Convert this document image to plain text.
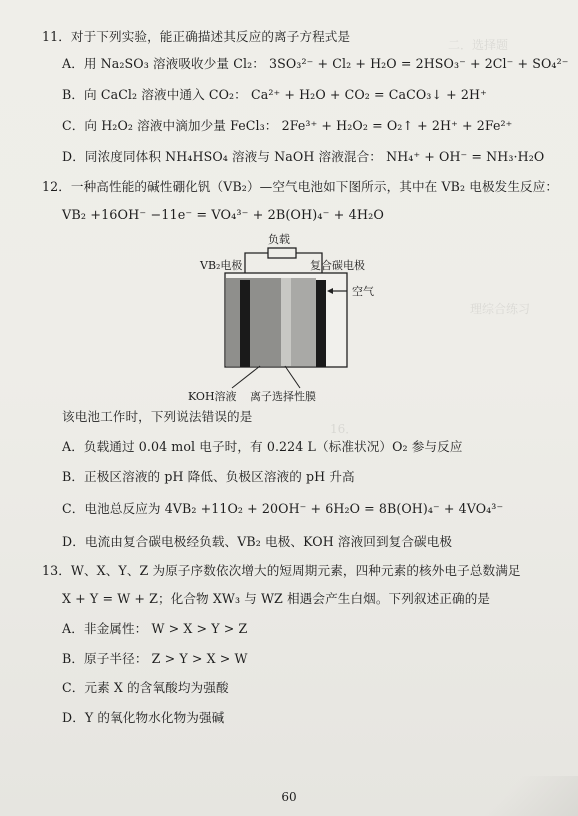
二．选择题
理综合练习
16．
11．对于下列实验，能正确描述其反应的离子方程式是
A．用 Na₂SO₃ 溶液吸收少量 Cl₂： 3SO₃²⁻ + Cl₂ + H₂O = 2HSO₃⁻ + 2Cl⁻ + SO₄²⁻
B．向 CaCl₂ 溶液中通入 CO₂： Ca²⁺ + H₂O + CO₂ = CaCO₃↓ + 2H⁺
C．向 H₂O₂ 溶液中滴加少量 FeCl₃： 2Fe³⁺ + H₂O₂ = O₂↑ + 2H⁺ + 2Fe²⁺
D．同浓度同体积 NH₄HSO₄ 溶液与 NaOH 溶液混合： NH₄⁺ + OH⁻ = NH₃·H₂O
12．一种高性能的碱性硼化钒（VB₂）—空气电池如下图所示，其中在 VB₂ 电极发生反应：
VB₂ +16OH⁻ −11e⁻ = VO₄³⁻ + 2B(OH)₄⁻ + 4H₂O
负载
VB₂电极	复合碳电极
空气
KOH溶液 离子选择性膜
该电池工作时，下列说法错误的是
A．负载通过 0.04 mol 电子时，有 0.224 L（标准状况）O₂ 参与反应
B．正极区溶液的 pH 降低、负极区溶液的 pH 升高
C．电池总反应为 4VB₂ +11O₂ + 20OH⁻ + 6H₂O = 8B(OH)₄⁻ + 4VO₄³⁻
D．电流由复合碳电极经负载、VB₂ 电极、KOH 溶液回到复合碳电极
13．W、X、Y、Z 为原子序数依次增大的短周期元素，四种元素的核外电子总数满足
X + Y = W + Z；化合物 XW₃ 与 WZ 相遇会产生白烟。下列叙述正确的是
A．非金属性： W > X > Y > Z
B．原子半径： Z > Y > X > W
C．元素 X 的含氧酸均为强酸
D．Y 的氧化物水化物为强碱
60
